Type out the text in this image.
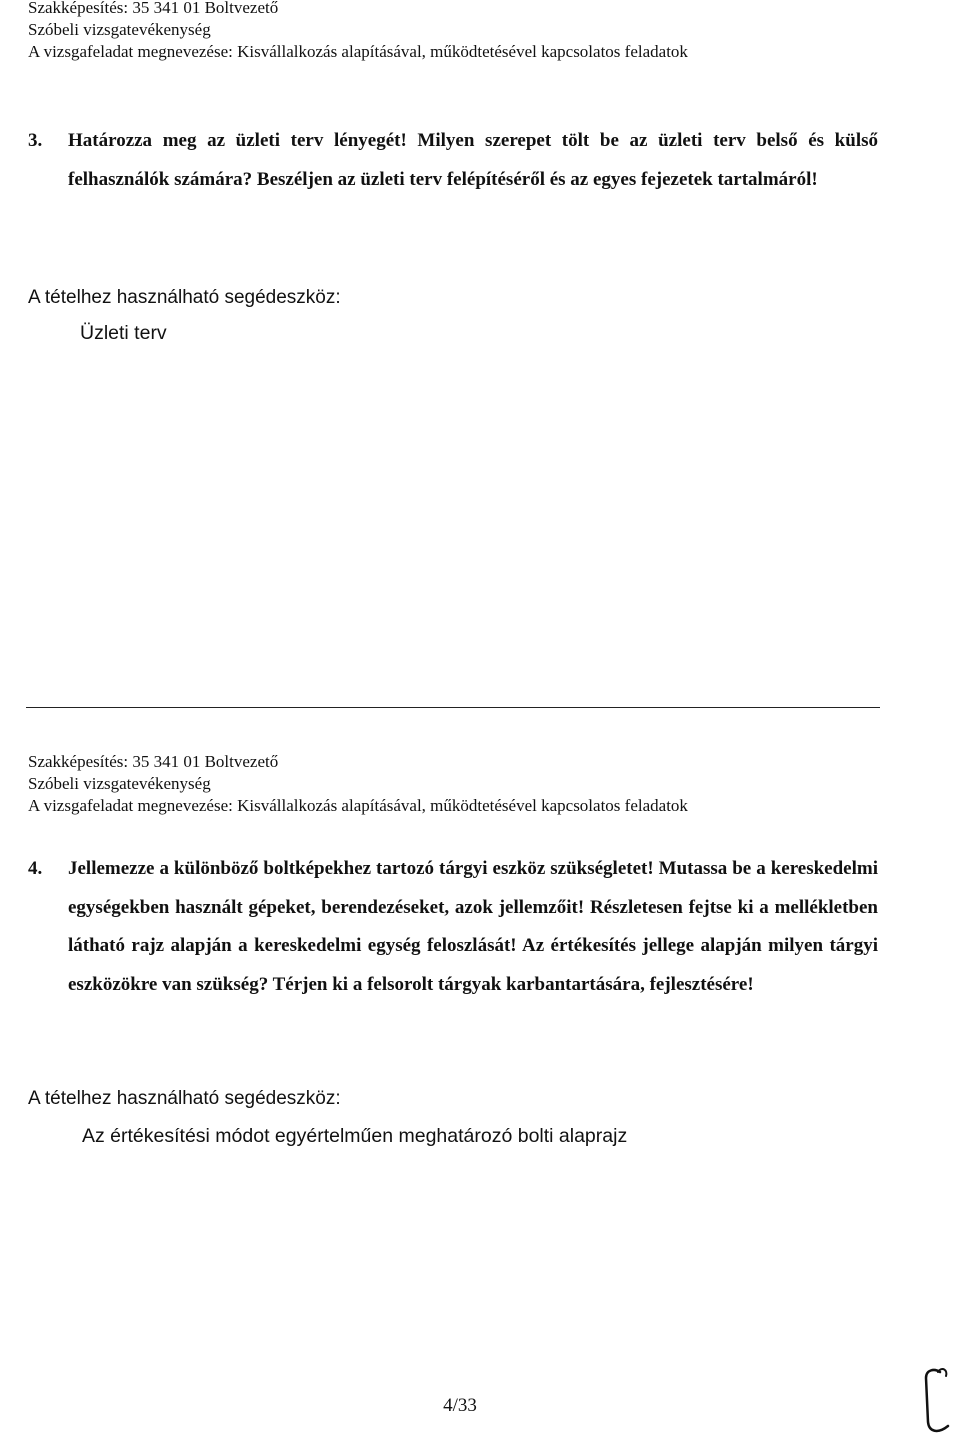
Szakképesítés: 35 341 01 Boltvezető

Szóbeli vizsgatevékenység

A vizsgafeladat megnevezése: Kisvállalkozás alapításával, működtetésével kapcsolatos feladatok

3. Határozza meg az üzleti terv lényegét! Milyen szerepet tölt be az üzleti terv belső és külső felhasználók számára? Beszéljen az üzleti terv felépítéséről és az egyes fejezetek tartalmáról!

A tételhez használható segédeszköz:
Üzleti terv

Szakképesítés: 35 341 01 Boltvezető

Szóbeli vizsgatevékenység

A vizsgafeladat megnevezése: Kisvállalkozás alapításával, működtetésével kapcsolatos feladatok

4. Jellemezze a különböző boltképekhez tartozó tárgyi eszköz szükségletet! Mutassa be a kereskedelmi egységekben használt gépeket, berendezéseket, azok jellemzőit! Részletesen fejtse ki a mellékletben látható rajz alapján a kereskedelmi egység feloszlását! Az értékesítés jellege alapján milyen tárgyi eszközökre van szükség? Térjen ki a felsorolt tárgyak karbantartására, fejlesztésére!

A tételhez használható segédeszköz:
Az értékesítési módot egyértelműen meghatározó bolti alaprajz
4/33
